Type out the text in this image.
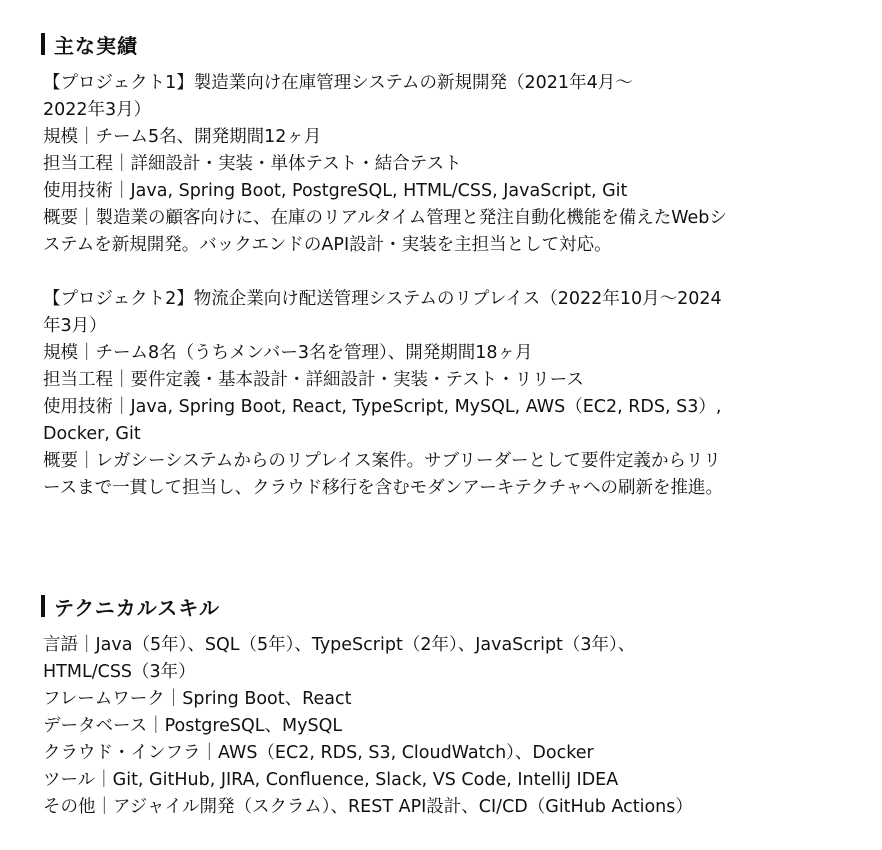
主な実績
【プロジェクト1】製造業向け在庫管理システムの新規開発（2021年4月〜
2022年3月）
規模｜チーム5名、開発期間12ヶ月
担当工程｜詳細設計・実装・単体テスト・結合テスト
使用技術｜Java, Spring Boot, PostgreSQL, HTML/CSS, JavaScript, Git
概要｜製造業の顧客向けに、在庫のリアルタイム管理と発注自動化機能を備えたWebシ
ステムを新規開発。バックエンドのAPI設計・実装を主担当として対応。
【プロジェクト2】物流企業向け配送管理システムのリプレイス（2022年10月〜2024
年3月）
規模｜チーム8名（うちメンバー3名を管理）、開発期間18ヶ月
担当工程｜要件定義・基本設計・詳細設計・実装・テスト・リリース
使用技術｜Java, Spring Boot, React, TypeScript, MySQL, AWS（EC2, RDS, S3）,
Docker, Git
概要｜レガシーシステムからのリプレイス案件。サブリーダーとして要件定義からリリ
ースまで一貫して担当し、クラウド移行を含むモダンアーキテクチャへの刷新を推進。
テクニカルスキル
言語｜Java（5年）、SQL（5年）、TypeScript（2年）、JavaScript（3年）、
HTML/CSS（3年）
フレームワーク｜Spring Boot、React
データベース｜PostgreSQL、MySQL
クラウド・インフラ｜AWS（EC2, RDS, S3, CloudWatch）、Docker
ツール｜Git, GitHub, JIRA, Confluence, Slack, VS Code, IntelliJ IDEA
その他｜アジャイル開発（スクラム）、REST API設計、CI/CD（GitHub Actions）
